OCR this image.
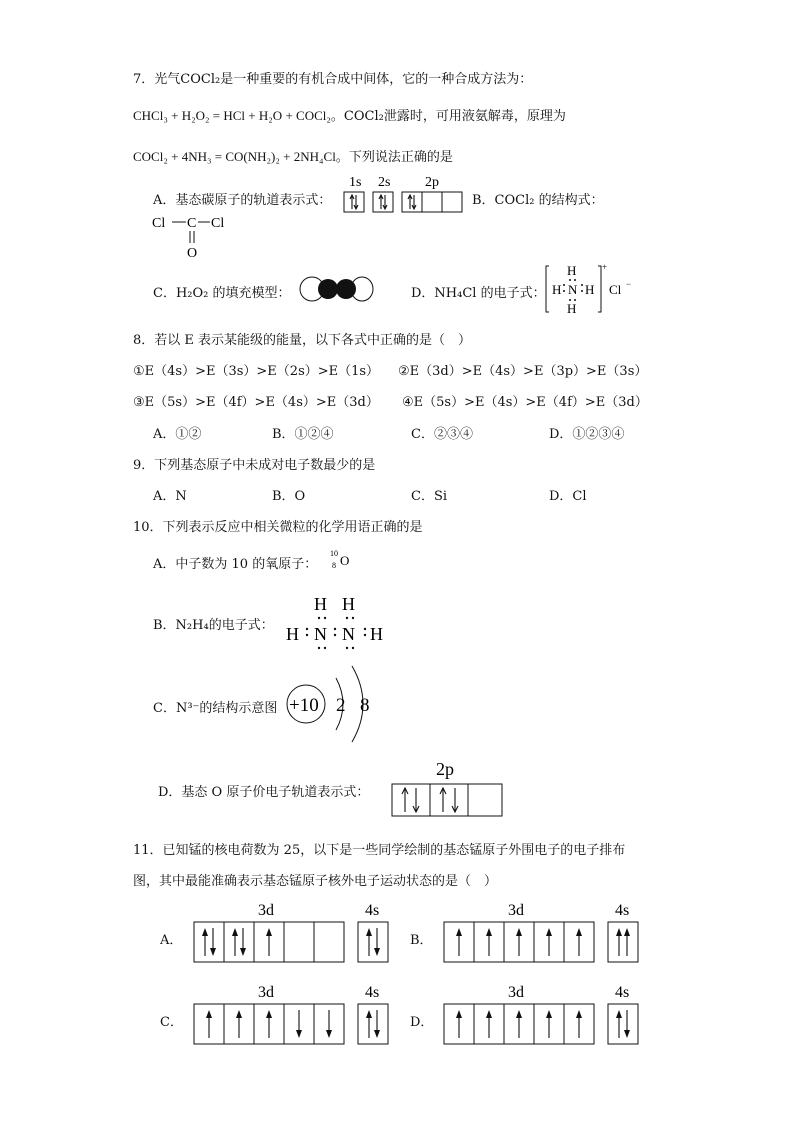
7．光气COCl₂是一种重要的有机合成中间体，它的一种合成方法为：
CHCl₃ + H₂O₂ = HCl + H₂O + COCl₂。COCl₂泄露时，可用液氨解毒，原理为
COCl₂ + 4NH₃ = CO(NH₂)₂ + 2NH₄Cl。下列说法正确的是
A．基态碳原子的轨道表示式：
1s 2s 2p
B．COCl₂ 的结构式：
Cl C Cl
O
C．H₂O₂ 的填充模型：	D．NH₄Cl 的电子式：
H
H N H
H
+
Cl −
8．若以 E 表示某能级的能量，以下各式中正确的是（　）
①E（4s）>E（3s）>E（2s）>E（1s） ②E（3d）>E（4s）>E（3p）>E（3s）
③E（5s）>E（4f）>E（4s）>E（3d） ④E（5s）>E（4s）>E（4f）>E（3d）
A．①②	B．①②④	C．②③④	D．①②③④
9．下列基态原子中未成对电子数最少的是
A．N	B．O	C．Si	D．Cl
10．下列表示反应中相关微粒的化学用语正确的是
A．中子数为 10 的氧原子：
10
8 O
B．N₂H₄的电子式：
H H
H N N H
C．N³⁻的结构示意图 +10 2 8
D．基态 O 原子价电子轨道表示式：
2p
11．已知锰的核电荷数为 25，以下是一些同学绘制的基态锰原子外围电子的电子排布
图，其中最能准确表示基态锰原子核外电子运动状态的是（　）
A．	B．
C．	D．
3d	4s	3d	4s
3d	4s	3d	4s
